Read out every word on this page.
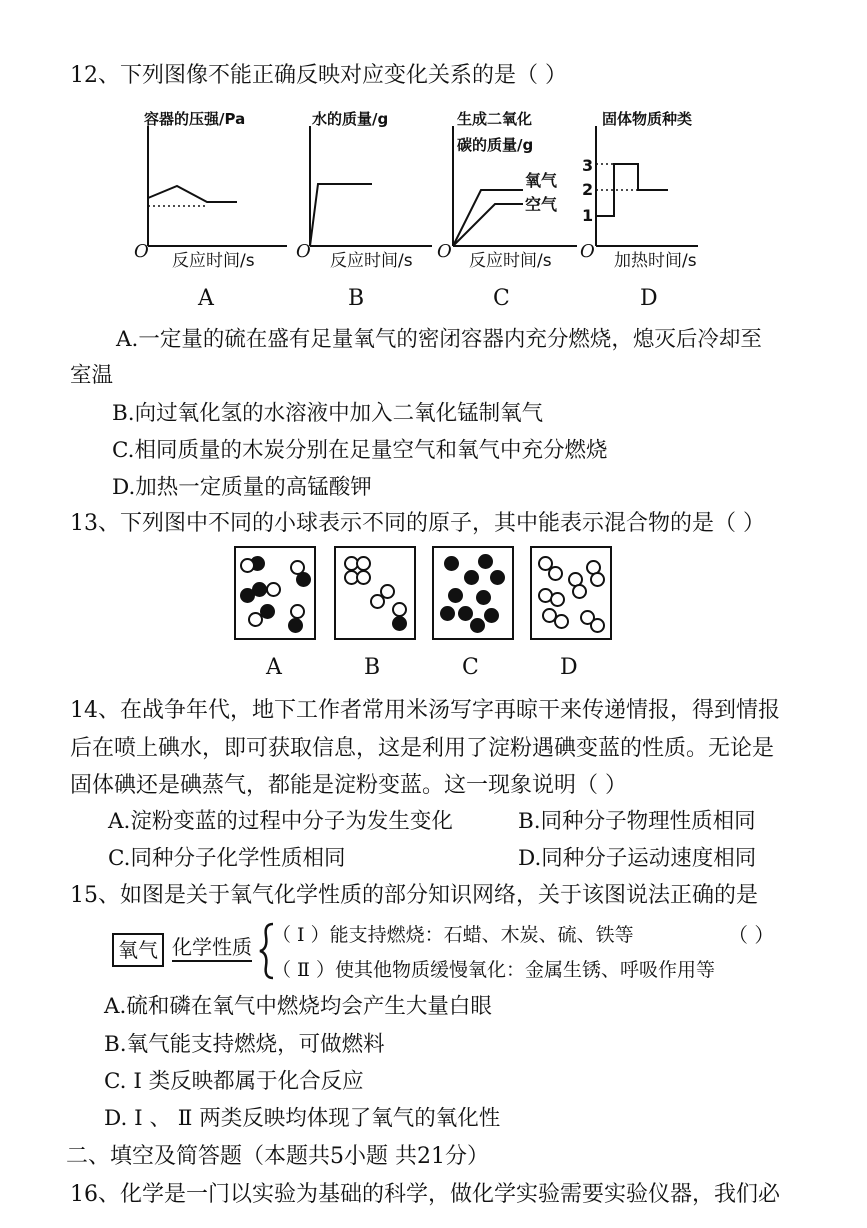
12、下列图像不能正确反映对应变化关系的是（ ）
容器的压强/Pa
O 反应时间/s
A
水的质量/g
O 反应时间/s
B
生成二氧化
碳的质量/g
氧气
空气
O 反应时间/s
C
固体物质种类
3
2
1
O 加热时间/s
D
A.一定量的硫在盛有足量氧气的密闭容器内充分燃烧，熄灭后冷却至
室温
B.向过氧化氢的水溶液中加入二氧化锰制氧气
C.相同质量的木炭分别在足量空气和氧气中充分燃烧
D.加热一定质量的高锰酸钾
13、下列图中不同的小球表示不同的原子，其中能表示混合物的是（ ）
A	B	C	D
14、在战争年代，地下工作者常用米汤写字再晾干来传递情报，得到情报
后在喷上碘水，即可获取信息，这是利用了淀粉遇碘变蓝的性质。无论是
固体碘还是碘蒸气，都能是淀粉变蓝。这一现象说明（ ）
A.淀粉变蓝的过程中分子为发生变化	B.同种分子物理性质相同
C.同种分子化学性质相同	D.同种分子运动速度相同
15、如图是关于氧气化学性质的部分知识网络，关于该图说法正确的是
氧气 化学性质 （ Ⅰ ）能支持燃烧：石蜡、木炭、硫、铁等	（ ）
（ Ⅱ ）使其他物质缓慢氧化：金属生锈、呼吸作用等
A.硫和磷在氧气中燃烧均会产生大量白眼
B.氧气能支持燃烧，可做燃料
C. Ⅰ 类反映都属于化合反应
D. Ⅰ 、 Ⅱ 两类反映均体现了氧气的氧化性
二、填空及简答题（本题共5小题 共21分）
16、化学是一门以实验为基础的科学，做化学实验需要实验仪器，我们必
